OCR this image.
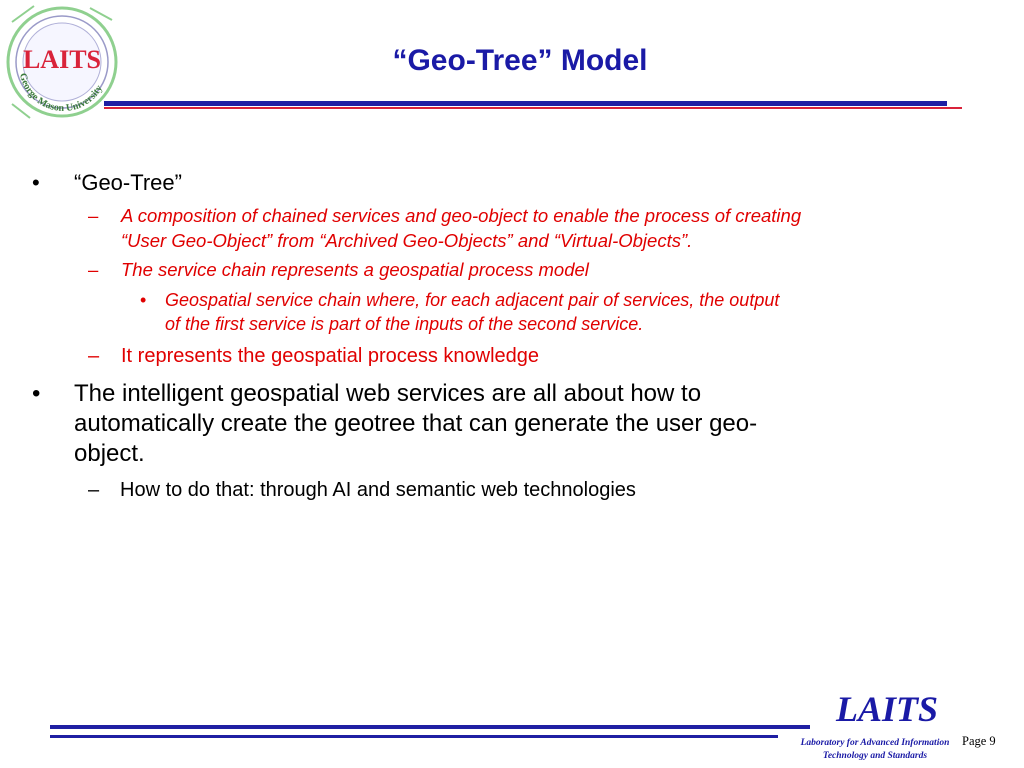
LAITS
George Mason University
“Geo-Tree” Model
• “Geo-Tree”
– A composition of chained services and geo-object to enable the process of creating
“User Geo-Object” from “Archived Geo-Objects” and “Virtual-Objects”.
– The service chain represents a geospatial process model
• Geospatial service chain where, for each adjacent pair of services, the output
of the first service is part of the inputs of the second service.
– It represents the geospatial process knowledge
• The intelligent geospatial web services are all about how to
automatically create the geotree that can generate the user geo-
object.
– How to do that: through AI and semantic web technologies
LAITS
Laboratory for Advanced Information
Technology and Standards
Page 9
